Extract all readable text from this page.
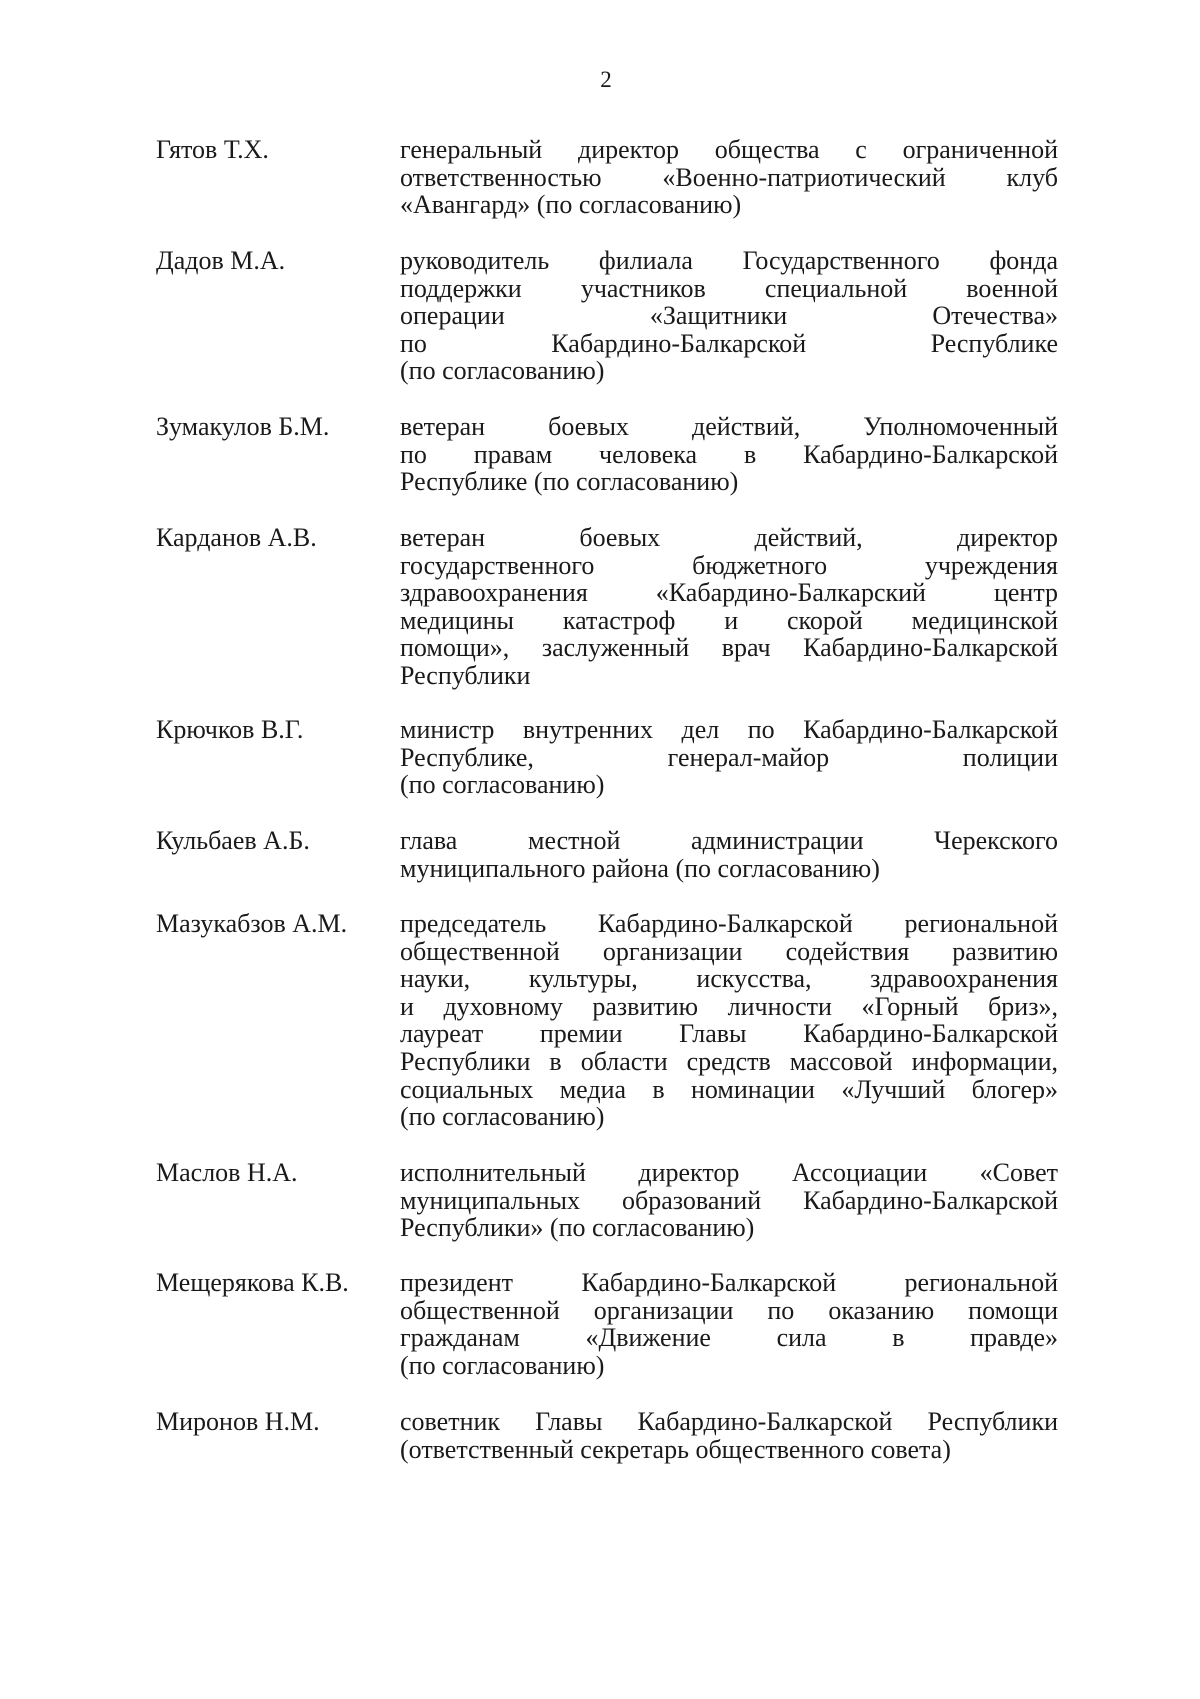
2
Гятов Т.Х.	генеральный директор общества с ограниченной
ответственностью «Военно-патриотический клуб
«Авангард» (по согласованию)
Дадов М.А.	руководитель филиала Государственного фонда
поддержки участников специальной военной
операции «Защитники Отечества»
по Кабардино-Балкарской Республике
(по согласованию)
Зумакулов Б.М.	ветеран боевых действий, Уполномоченный
по правам человека в Кабардино-Балкарской
Республике (по согласованию)
Карданов А.В.	ветеран боевых действий, директор
государственного бюджетного учреждения
здравоохранения «Кабардино-Балкарский центр
медицины катастроф и скорой медицинской
помощи», заслуженный врач Кабардино-Балкарской
Республики
Крючков В.Г.	министр внутренних дел по Кабардино-Балкарской
Республике, генерал-майор полиции
(по согласованию)
Кульбаев А.Б.	глава местной администрации Черекского
муниципального района (по согласованию)
Мазукабзов А.М. председатель Кабардино-Балкарской региональной
общественной организации содействия развитию
науки, культуры, искусства, здравоохранения
и духовному развитию личности «Горный бриз»,
лауреат премии Главы Кабардино-Балкарской
Республики в области средств массовой информации,
социальных медиа в номинации «Лучший блогер»
(по согласованию)
Маслов Н.А.	исполнительный директор Ассоциации «Совет
муниципальных образований Кабардино-Балкарской
Республики» (по согласованию)
Мещерякова К.В. президент Кабардино-Балкарской региональной
общественной организации по оказанию помощи
гражданам «Движение сила в правде»
(по согласованию)
Миронов Н.М.	советник Главы Кабардино-Балкарской Республики
(ответственный секретарь общественного совета)
